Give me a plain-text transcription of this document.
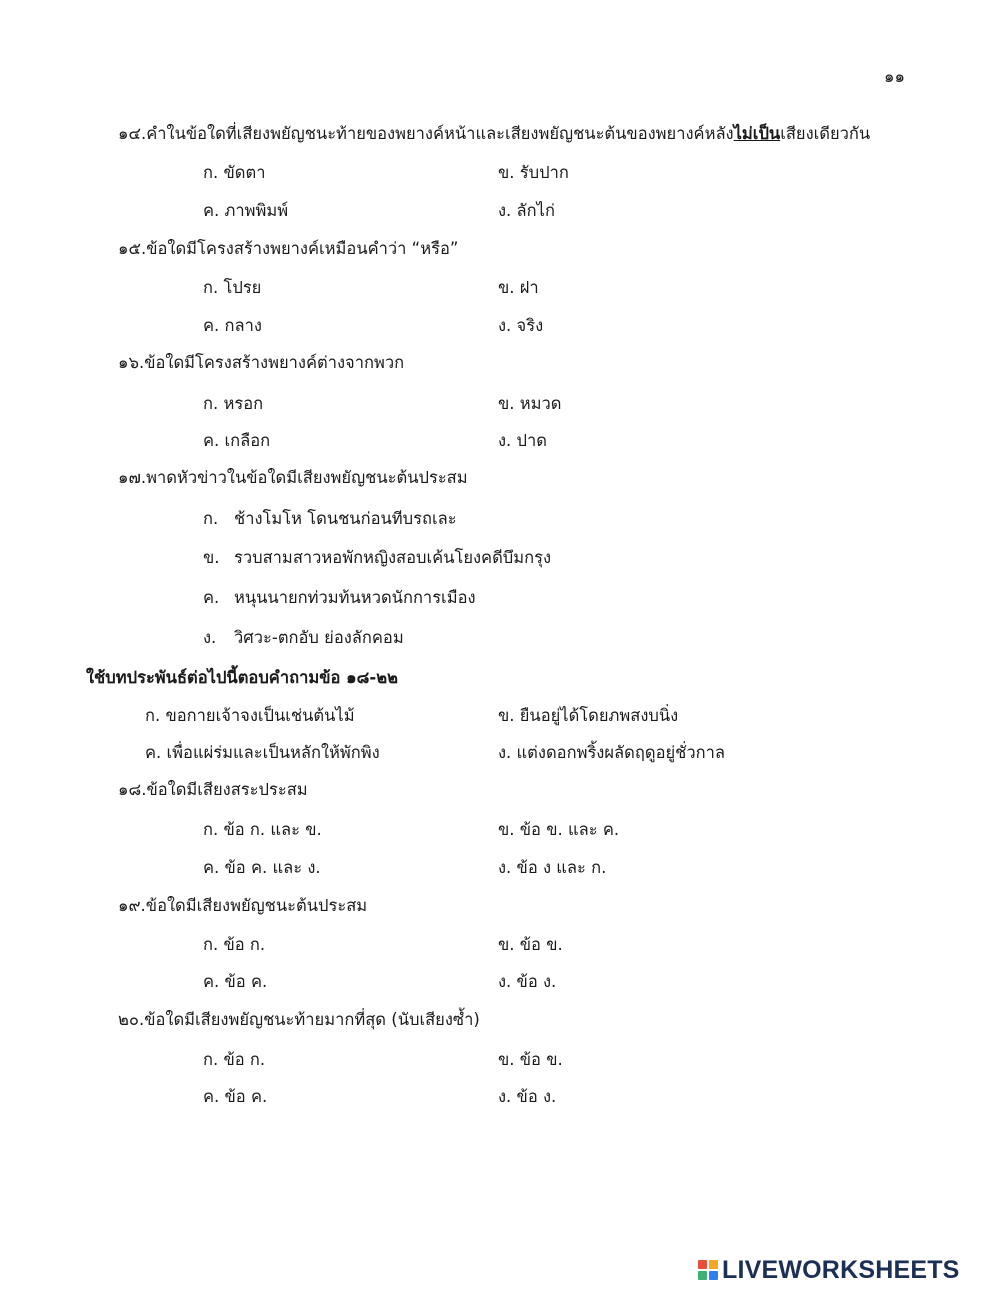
๑๑
๑๔.คำในข้อใดที่เสียงพยัญชนะท้ายของพยางค์หน้าและเสียงพยัญชนะต้นของพยางค์หลังไม่เป็นเสียงเดียวกัน
ก. ขัดตา	ข. รับปาก
ค. ภาพพิมพ์	ง. ลักไก่
๑๕.ข้อใดมีโครงสร้างพยางค์เหมือนคำว่า “หรือ”
ก. โปรย	ข. ฝา
ค. กลาง	ง. จริง
๑๖.ข้อใดมีโครงสร้างพยางค์ต่างจากพวก
ก. หรอก	ข. หมวด
ค. เกลือก	ง. ปาด
๑๗.พาดหัวข่าวในข้อใดมีเสียงพยัญชนะต้นประสม
ก. ช้างโมโห โดนชนก่อนทีบรถเละ
ข. รวบสามสาวหอพักหญิงสอบเค้นโยงคดีบึมกรุง
ค. หนุนนายกท่วมท้นหวดนักการเมือง
ง. วิศวะ-ตกอับ ย่องลักคอม
ใช้บทประพันธ์ต่อไปนี้ตอบคำถามข้อ ๑๘-๒๒
ก. ขอกายเจ้าจงเป็นเช่นต้นไม้	ข. ยืนอยู่ได้โดยภพสงบนิ่ง
ค. เพื่อแผ่ร่มและเป็นหลักให้พักพิง	ง. แต่งดอกพริ้งผลัดฤดูอยู่ชั่วกาล
๑๘.ข้อใดมีเสียงสระประสม
ก. ข้อ ก. และ ข.	ข. ข้อ ข. และ ค.
ค. ข้อ ค. และ ง.	ง. ข้อ ง และ ก.
๑๙.ข้อใดมีเสียงพยัญชนะต้นประสม
ก. ข้อ ก.	ข. ข้อ ข.
ค. ข้อ ค.	ง. ข้อ ง.
๒๐.ข้อใดมีเสียงพยัญชนะท้ายมากที่สุด (นับเสียงซ้ำ)
ก. ข้อ ก.	ข. ข้อ ข.
ค. ข้อ ค.	ง. ข้อ ง.
LIVEWORKSHEETS
